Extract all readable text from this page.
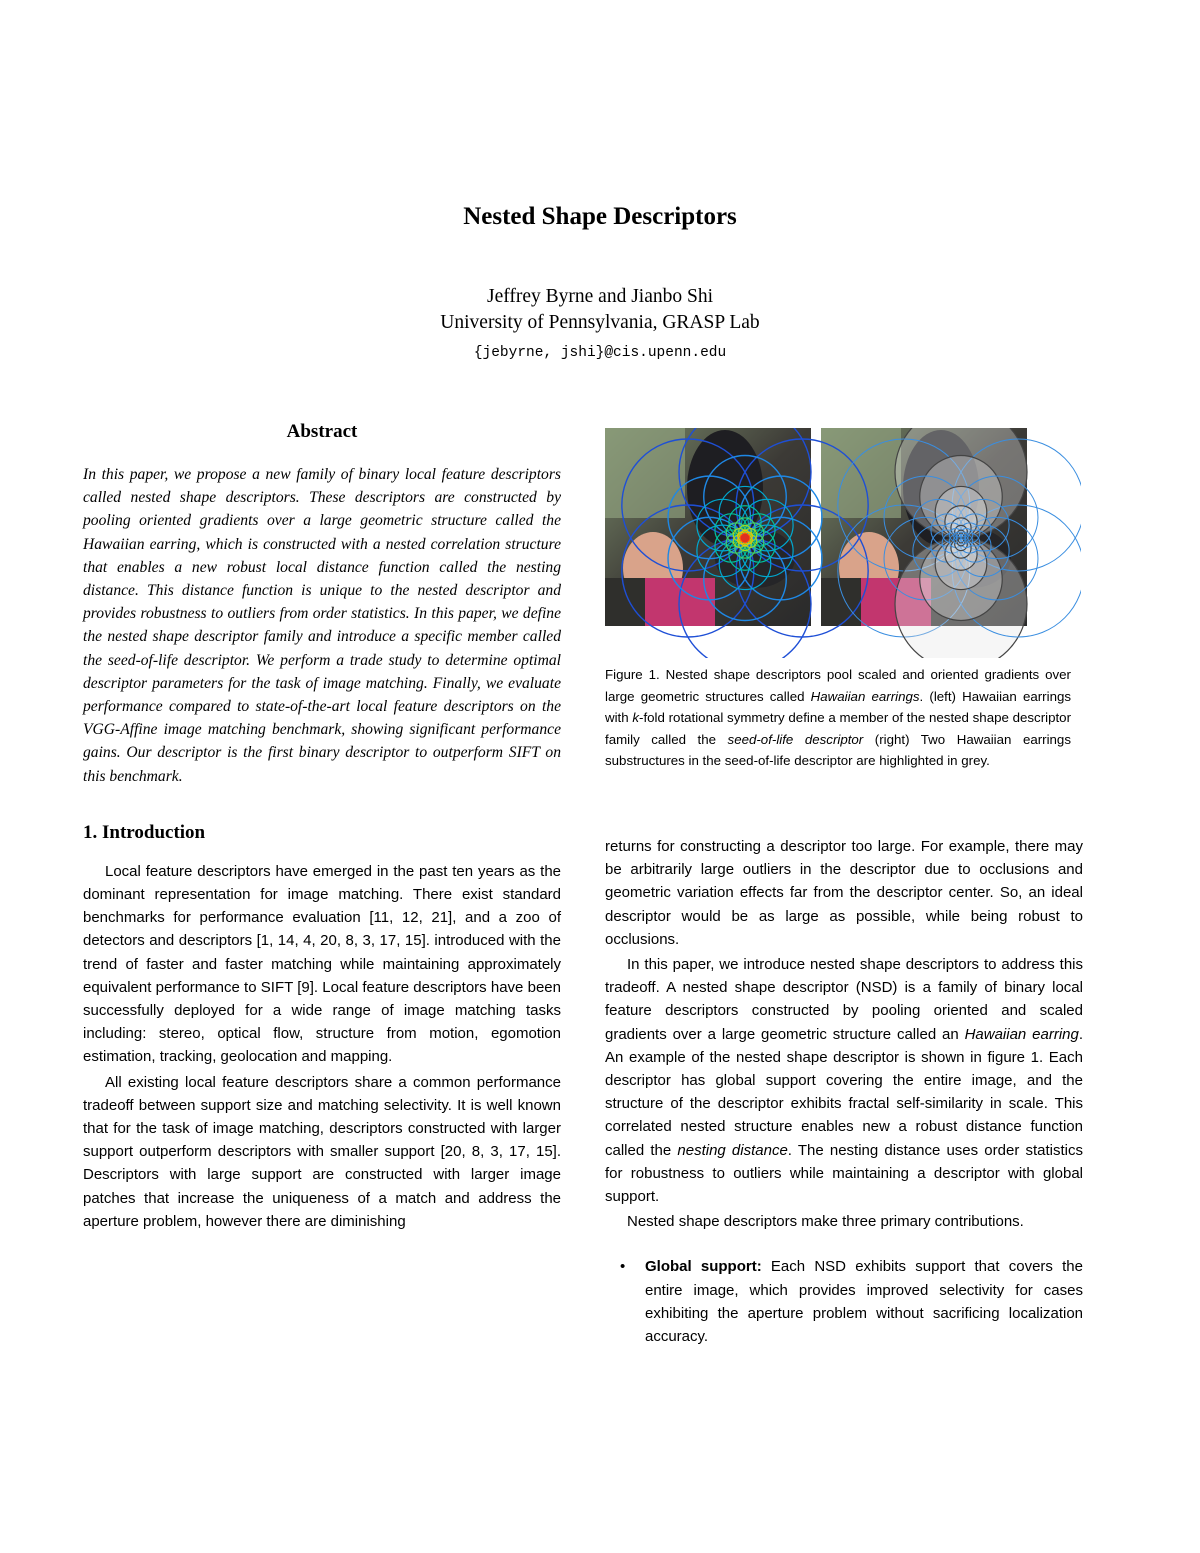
Nested Shape Descriptors
Jeffrey Byrne and Jianbo Shi
University of Pennsylvania, GRASP Lab
{jebyrne, jshi}@cis.upenn.edu
Abstract
In this paper, we propose a new family of binary local feature descriptors called nested shape descriptors. These descriptors are constructed by pooling oriented gradients over a large geometric structure called the Hawaiian earring, which is constructed with a nested correlation structure that enables a new robust local distance function called the nesting distance. This distance function is unique to the nested descriptor and provides robustness to outliers from order statistics. In this paper, we define the nested shape descriptor family and introduce a specific member called the seed-of-life descriptor. We perform a trade study to determine optimal descriptor parameters for the task of image matching. Finally, we evaluate performance compared to state-of-the-art local feature descriptors on the VGG-Affine image matching benchmark, showing significant performance gains. Our descriptor is the first binary descriptor to outperform SIFT on this benchmark.
1. Introduction

Local feature descriptors have emerged in the past ten years as the dominant representation for image matching. There exist standard benchmarks for performance evaluation [11, 12, 21], and a zoo of detectors and descriptors [1, 14, 4, 20, 8, 3, 17, 15]. introduced with the trend of faster and faster matching while maintaining approximately equivalent performance to SIFT [9]. Local feature descriptors have been successfully deployed for a wide range of image matching tasks including: stereo, optical flow, structure from motion, egomotion estimation, tracking, geolocation and mapping.

All existing local feature descriptors share a common performance tradeoff between support size and matching selectivity. It is well known that for the task of image matching, descriptors constructed with larger support outperform descriptors with smaller support [20, 8, 3, 17, 15]. Descriptors with large support are constructed with larger image patches that increase the uniqueness of a match and address the aperture problem, however there are diminishing

Figure 1. Nested shape descriptors pool scaled and oriented gradients over large geometric structures called Hawaiian earrings. (left) Hawaiian earrings with k-fold rotational symmetry define a member of the nested shape descriptor family called the seed-of-life descriptor (right) Two Hawaiian earrings substructures in the seed-of-life descriptor are highlighted in grey.

returns for constructing a descriptor too large. For example, there may be arbitrarily large outliers in the descriptor due to occlusions and geometric variation effects far from the descriptor center. So, an ideal descriptor would be as large as possible, while being robust to occlusions.

In this paper, we introduce nested shape descriptors to address this tradeoff. A nested shape descriptor (NSD) is a family of binary local feature descriptors constructed by pooling oriented and scaled gradients over a large geometric structure called an Hawaiian earring. An example of the nested shape descriptor is shown in figure 1. Each descriptor has global support covering the entire image, and the structure of the descriptor exhibits fractal self-similarity in scale. This correlated nested structure enables new a robust distance function called the nesting distance. The nesting distance uses order statistics for robustness to outliers while maintaining a descriptor with global support.

Nested shape descriptors make three primary contributions.

• Global support: Each NSD exhibits support that covers the entire image, which provides improved selectivity for cases exhibiting the aperture problem without sacrificing localization accuracy.
